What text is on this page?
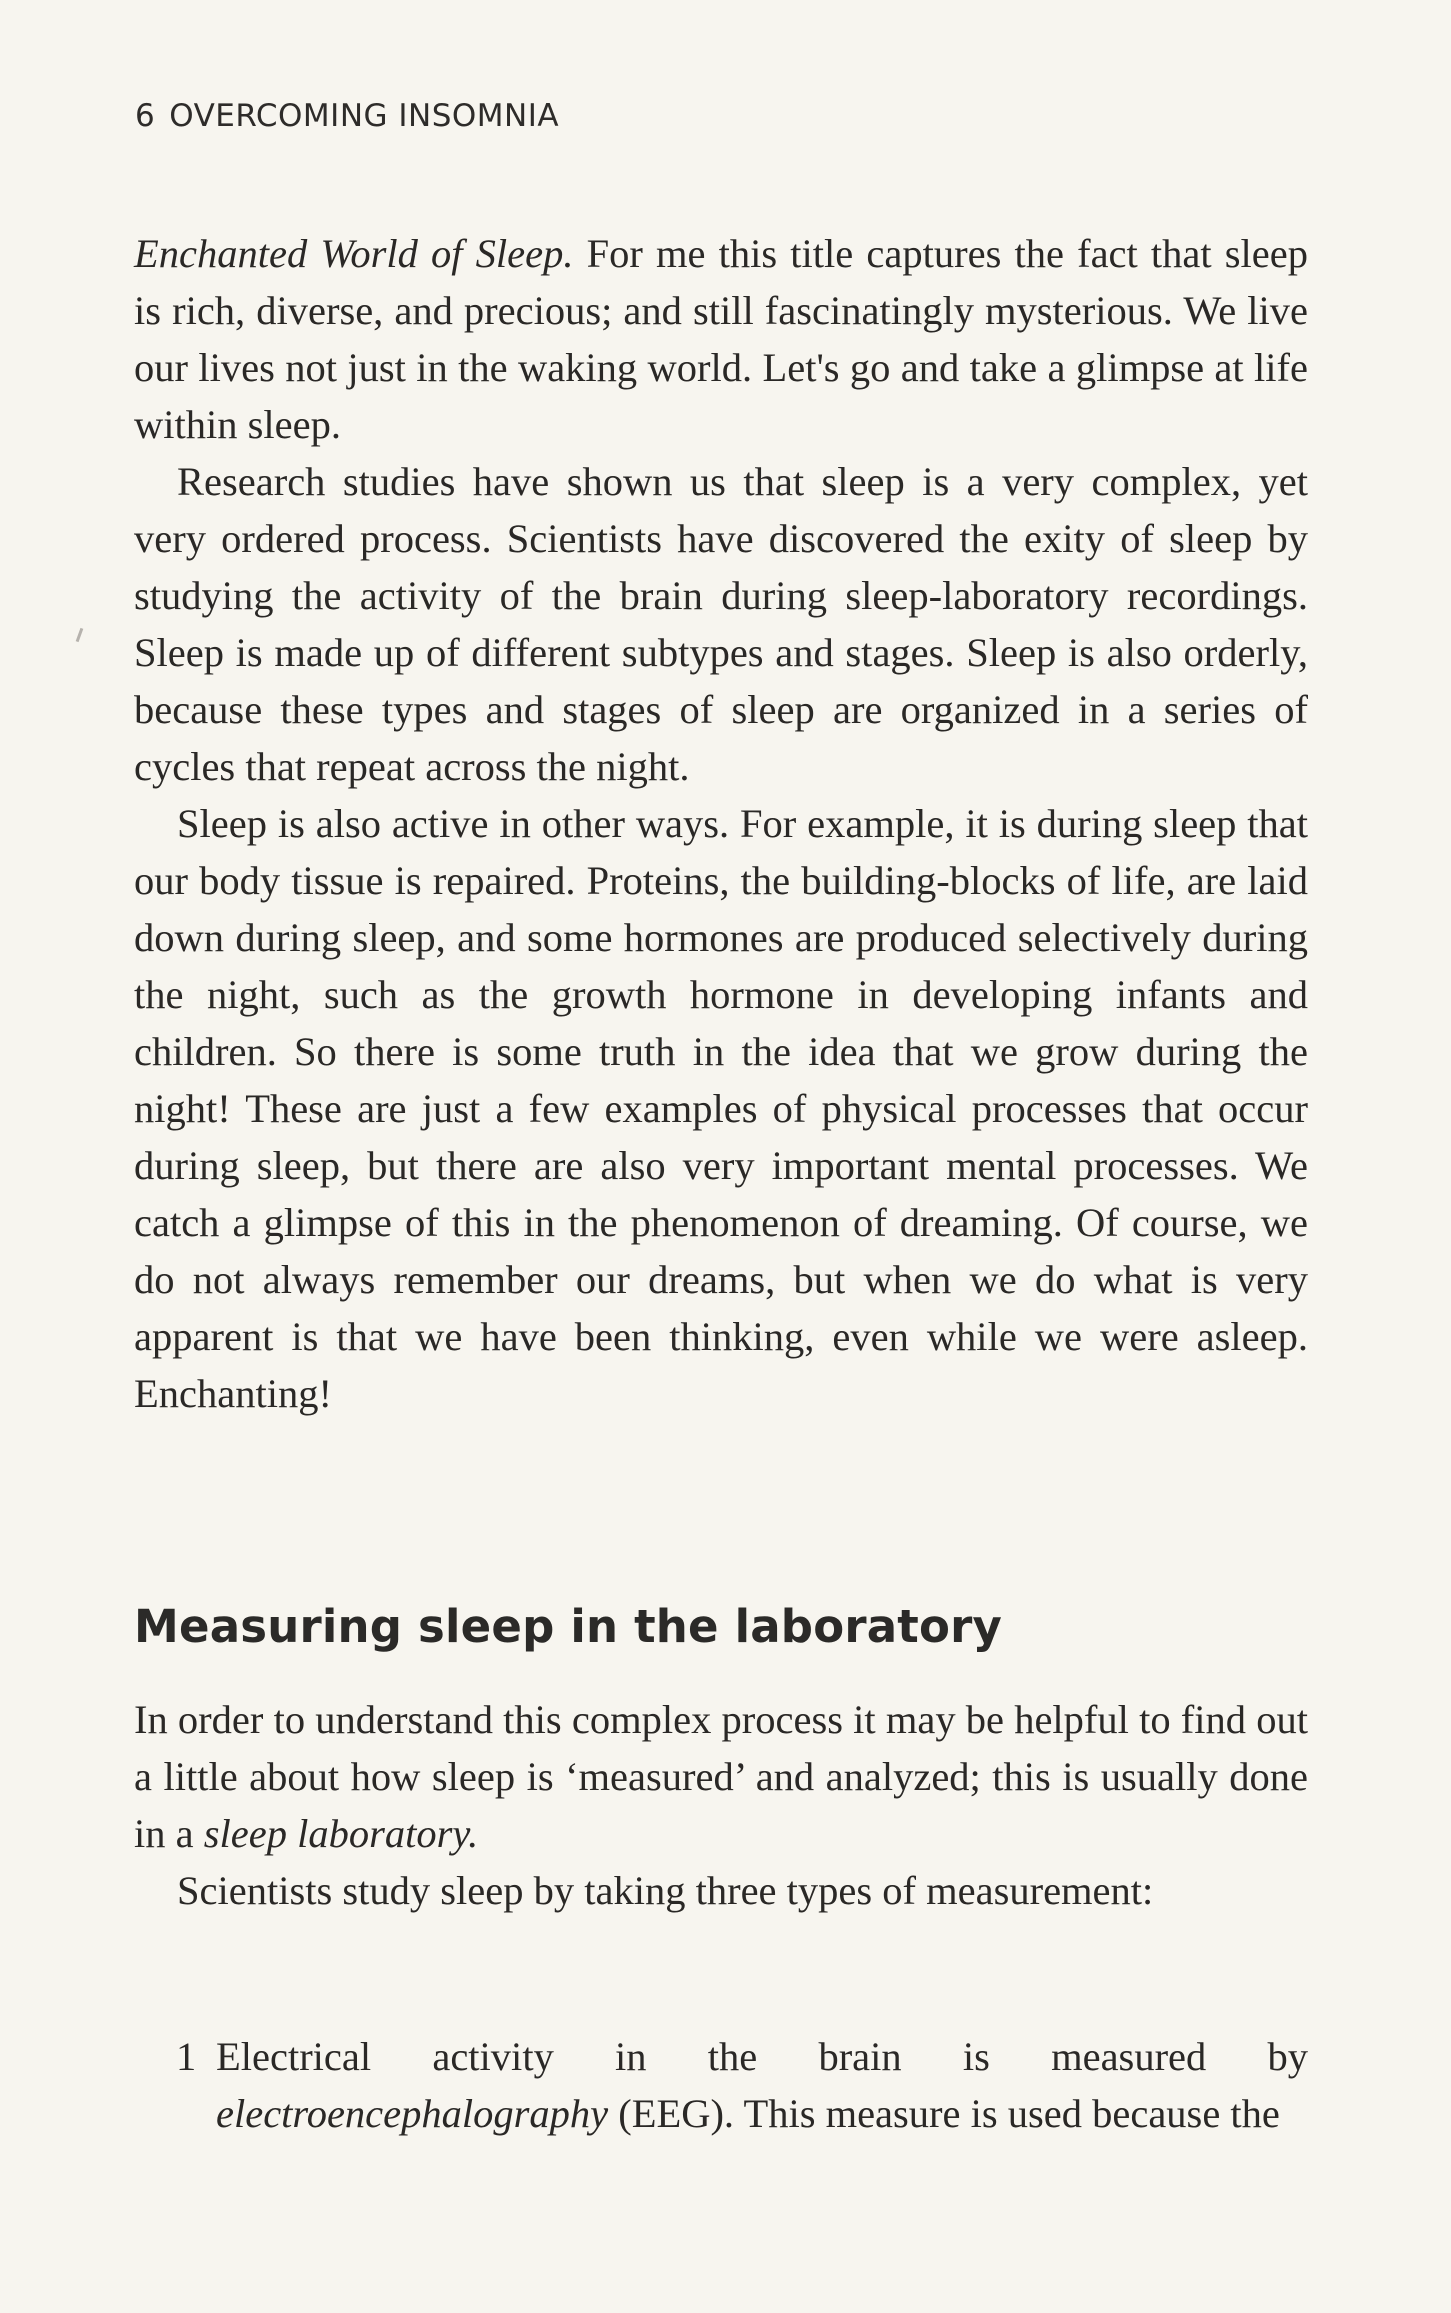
6 OVERCOMING INSOMNIA

Enchanted World of Sleep. For me this title captures the fact that sleep is rich, diverse, and precious; and still fascinatingly mysterious. We live our lives not just in the waking world. Let's go and take a glimpse at life within sleep.

Research studies have shown us that sleep is a very complex, yet very ordered process. Scientists have discovered the exity of sleep by studying the activity of the brain during sleep-laboratory recordings. Sleep is made up of different subtypes and stages. Sleep is also orderly, because these types and stages of sleep are organized in a series of cycles that repeat across the night.

Sleep is also active in other ways. For example, it is during sleep that our body tissue is repaired. Proteins, the building-blocks of life, are laid down during sleep, and some hormones are produced selectively during the night, such as the growth hormone in developing infants and children. So there is some truth in the idea that we grow during the night! These are just a few examples of physical processes that occur during sleep, but there are also very important mental processes. We catch a glimpse of this in the phenomenon of dreaming. Of course, we do not always remember our dreams, but when we do what is very apparent is that we have been thinking, even while we were asleep. Enchanting!

Measuring sleep in the laboratory

In order to understand this complex process it may be helpful to find out a little about how sleep is ‘measured’ and analyzed; this is usually done in a sleep laboratory.

Scientists study sleep by taking three types of measurement:

1 Electrical activity in the brain is measured by electroencephalography (EEG). This measure is used because the
